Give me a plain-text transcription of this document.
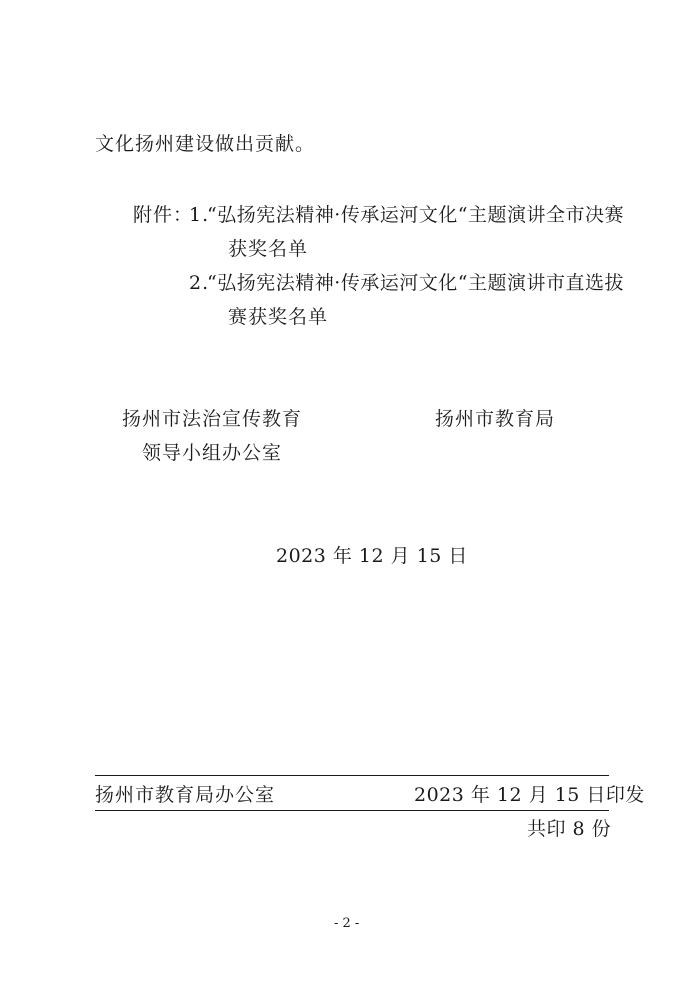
文化扬州建设做出贡献。
附件：
1.
“弘扬宪法精神·传承运河文化“主题演讲全市决赛
获奖名单
2.
“弘扬宪法精神·传承运河文化“主题演讲市直选拔
赛获奖名单
扬州市法治宣传教育
领导小组办公室
扬州市教育局
2023 年 12 月 15 日
扬州市教育局办公室	2023 年 12 月 15 日印发
共印 8 份
- 2 -
